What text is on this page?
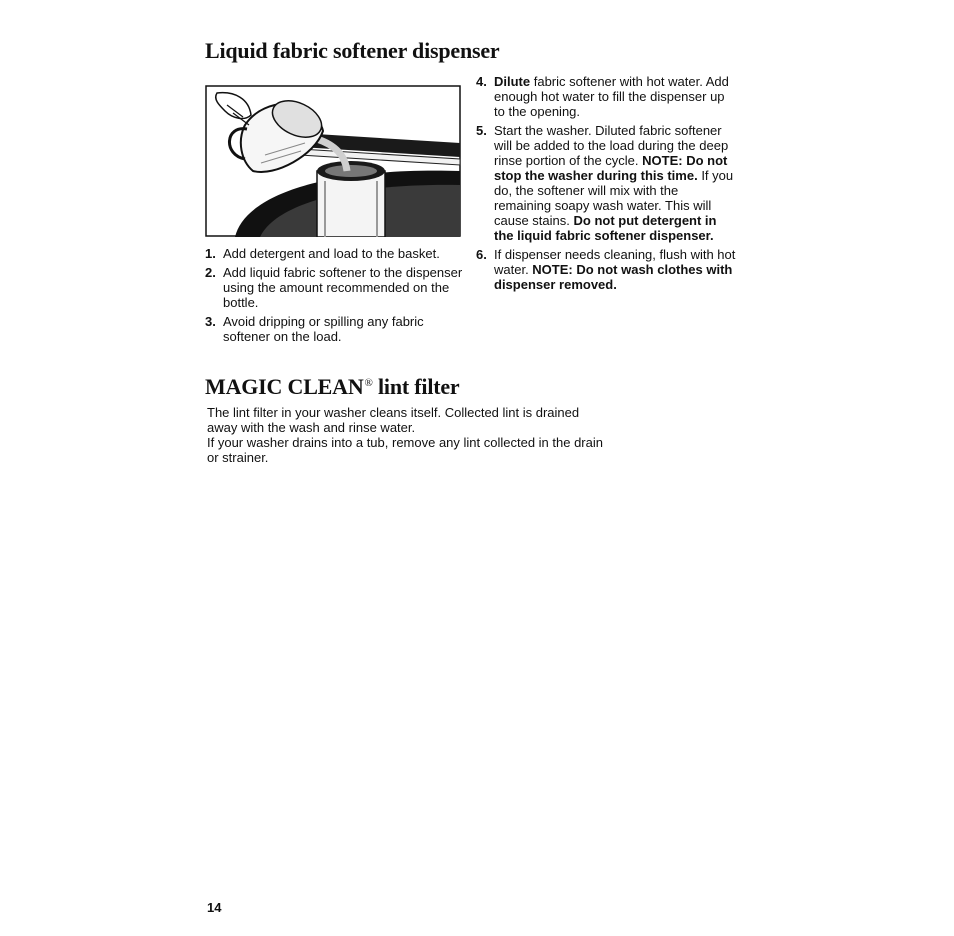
Liquid fabric softener dispenser
1. Add detergent and load to the basket.
2. Add liquid fabric softener to the dispenser using the amount recommended on the bottle.
3. Avoid dripping or spilling any fabric softener on the load.
4. Dilute fabric softener with hot water. Add enough hot water to fill the dispenser up to the opening.
5. Start the washer. Diluted fabric softener will be added to the load during the deep rinse portion of the cycle. NOTE: Do not stop the washer during this time. If you do, the softener will mix with the remaining soapy wash water. This will cause stains. Do not put detergent in the liquid fabric softener dispenser.
6. If dispenser needs cleaning, flush with hot water. NOTE: Do not wash clothes with dispenser removed.
MAGIC CLEAN® lint filter

The lint filter in your washer cleans itself. Collected lint is drained away with the wash and rinse water.

If your washer drains into a tub, remove any lint collected in the drain or strainer.

14
